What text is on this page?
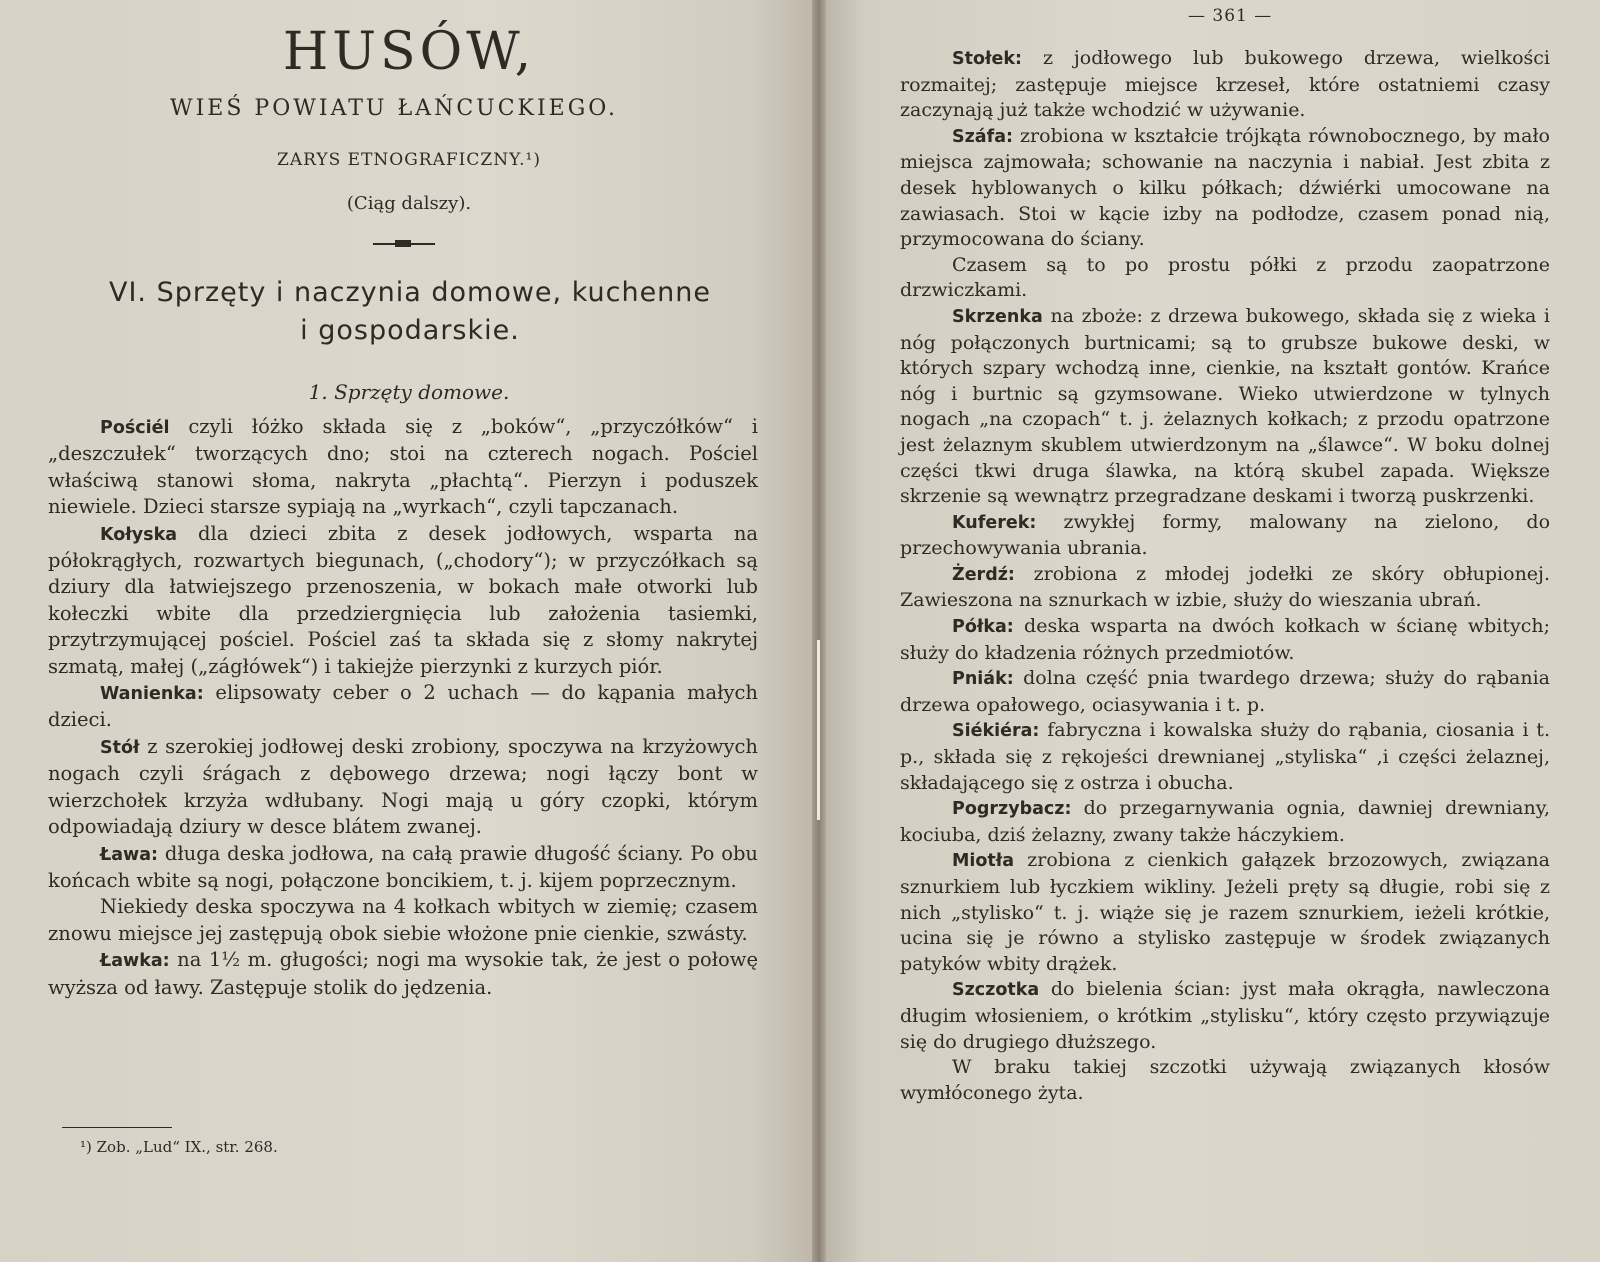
HUSÓW,
WIEŚ POWIATU ŁAŃCUCKIEGO.
ZARYS ETNOGRAFICZNY.¹)
(Ciąg dalszy).
VI. Sprzęty i naczynia domowe, kuchenne
i gospodarskie.
1. Sprzęty domowe.

Pościél czyli łóżko składa się z „boków“, „przyczółków“ i „deszczułek“ tworzących dno; stoi na czterech nogach. Pościel właściwą stanowi słoma, nakryta „płachtą“. Pierzyn i poduszek niewiele. Dzieci starsze sypiają na „wyrkach“, czyli tapczanach.

Kołyska dla dzieci zbita z desek jodłowych, wsparta na półokrągłych, rozwartych biegunach, („chodory“); w przyczółkach są dziury dla łatwiejszego przenoszenia, w bokach małe otworki lub kołeczki wbite dla przedziergnięcia lub założenia tasiemki, przytrzymującej pościel. Pościel zaś ta składa się z słomy nakrytej szmatą, małej („zágłówek“) i takiejże pierzynki z kurzych piór.

Wanienka: elipsowaty ceber o 2 uchach — do kąpania małych dzieci.

Stół z szerokiej jodłowej deski zrobiony, spoczywa na krzyżowych nogach czyli śrágach z dębowego drzewa; nogi łączy bont w wierzchołek krzyża wdłubany. Nogi mają u góry czopki, którym odpowiadają dziury w desce blátem zwanej.

Ława: długa deska jodłowa, na całą prawie długość ściany. Po obu końcach wbite są nogi, połączone boncikiem, t. j. kijem poprzecznym.

Niekiedy deska spoczywa na 4 kołkach wbitych w ziemię; czasem znowu miejsce jej zastępują obok siebie włożone pnie cienkie, szwásty.

Ławka: na 1½ m. gługości; nogi ma wysokie tak, że jest o połowę wyższa od ławy. Zastępuje stolik do jędzenia.

¹) Zob. „Lud“ IX., str. 268.
— 361 —

Stołek: z jodłowego lub bukowego drzewa, wielkości rozmaitej; zastępuje miejsce krzeseł, które ostatniemi czasy zaczynają już także wchodzić w używanie.

Száfa: zrobiona w kształcie trójkąta równobocznego, by mało miejsca zajmowała; schowanie na naczynia i nabiał. Jest zbita z desek hyblowanych o kilku półkach; dźwiérki umocowane na zawiasach. Stoi w kącie izby na podłodze, czasem ponad nią, przymocowana do ściany.

Czasem są to po prostu półki z przodu zaopatrzone drzwiczkami.

Skrzenka na zboże: z drzewa bukowego, składa się z wieka i nóg połączonych burtnicami; są to grubsze bukowe deski, w których szpary wchodzą inne, cienkie, na kształt gontów. Krańce nóg i burtnic są gzymsowane. Wieko utwierdzone w tylnych nogach „na czopach“ t. j. żelaznych kołkach; z przodu opatrzone jest żelaznym skublem utwierdzonym na „ślawce“. W boku dolnej części tkwi druga ślawka, na którą skubel zapada. Większe skrzenie są wewnątrz przegradzane deskami i tworzą puskrzenki.

Kuferek: zwykłej formy, malowany na zielono, do przechowywania ubrania.

Żerdź: zrobiona z młodej jodełki ze skóry obłupionej. Zawieszona na sznurkach w izbie, służy do wieszania ubrań.

Półka: deska wsparta na dwóch kołkach w ścianę wbitych; służy do kładzenia różnych przedmiotów.

Pniák: dolna część pnia twardego drzewa; służy do rąbania drzewa opałowego, ociasywania i t. p.

Siékiéra: fabryczna i kowalska służy do rąbania, ciosania i t. p., składa się z rękojeści drewnianej „styliska“ ,i części żelaznej, składającego się z ostrza i obucha.

Pogrzybacz: do przegarnywania ognia, dawniej drewniany, kociuba, dziś żelazny, zwany także háczykiem.

Miotła zrobiona z cienkich gałązek brzozowych, związana sznurkiem lub łyczkiem wikliny. Jeżeli pręty są długie, robi się z nich „stylisko“ t. j. wiąże się je razem sznurkiem, ieżeli krótkie, ucina się je równo a stylisko zastępuje w środek związanych patyków wbity drążek.

Szczotka do bielenia ścian: jyst mała okrągła, nawleczona długim włosieniem, o krótkim „stylisku“, który często przywiązuje się do drugiego dłuższego.

W braku takiej szczotki używają związanych kłosów wymłóconego żyta.
